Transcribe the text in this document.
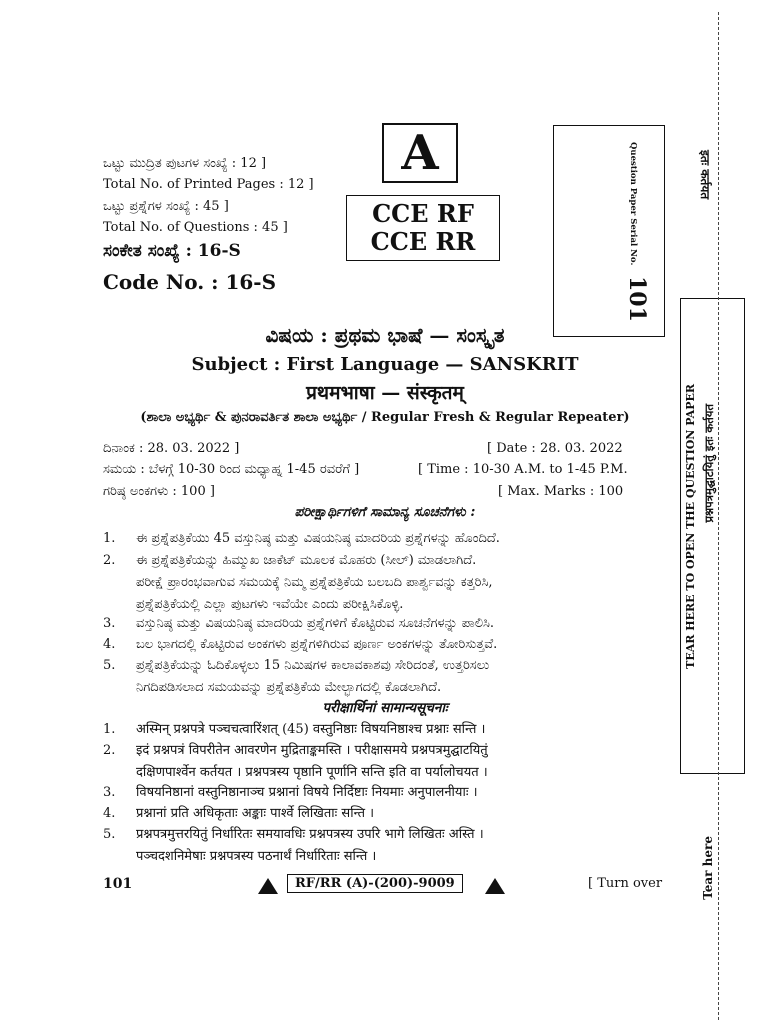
ಒಟ್ಟು ಮುದ್ರಿತ ಪುಟಗಳ ಸಂಖ್ಯೆ : 12 ]
Total No. of Printed Pages : 12 ]
ಒಟ್ಟು ಪ್ರಶ್ನೆಗಳ ಸಂಖ್ಯೆ : 45 ]
Total No. of Questions : 45 ]
ಸಂಕೇತ ಸಂಖ್ಯೆ : 16-S
Code No. : 16-S
A
CCE RF
CCE RR	Question Paper Serial No.
101
इतः कर्तयत
TEAR HERE TO OPEN THE QUESTION PAPER प्रश्नपत्रमुद्घाटयितुं इतः कर्तयत
Tear here
ವಿಷಯ : ಪ್ರಥಮ ಭಾಷೆ — ಸಂಸ್ಕೃತ
Subject : First Language — SANSKRIT
प्रथमभाषा — संस्कृतम्
(ಶಾಲಾ ಅಭ್ಯರ್ಥಿ & ಪುನರಾವರ್ತಿತ ಶಾಲಾ ಅಭ್ಯರ್ಥಿ / Regular Fresh & Regular Repeater)
ದಿನಾಂಕ : 28. 03. 2022 ]	[ Date : 28. 03. 2022
ಸಮಯ : ಬೆಳಗ್ಗೆ 10-30 ರಿಂದ ಮಧ್ಯಾಹ್ನ 1-45 ರವರೆಗೆ ]	[ Time : 10-30 A.M. to 1-45 P.M.
ಗರಿಷ್ಠ ಅಂಕಗಳು : 100 ]	[ Max. Marks : 100
ಪರೀಕ್ಷಾರ್ಥಿಗಳಿಗೆ ಸಾಮಾನ್ಯ ಸೂಚನೆಗಳು :
1. ಈ ಪ್ರಶ್ನೆಪತ್ರಿಕೆಯು 45 ವಸ್ತುನಿಷ್ಠ ಮತ್ತು ವಿಷಯನಿಷ್ಠ ಮಾದರಿಯ ಪ್ರಶ್ನೆಗಳನ್ನು ಹೊಂದಿದೆ.
2. ಈ ಪ್ರಶ್ನೆಪತ್ರಿಕೆಯನ್ನು ಹಿಮ್ಮುಖ ಜಾಕೆಟ್ ಮೂಲಕ ಮೊಹರು (ಸೀಲ್) ಮಾಡಲಾಗಿದೆ.
ಪರೀಕ್ಷೆ ಪ್ರಾರಂಭವಾಗುವ ಸಮಯಕ್ಕೆ ನಿಮ್ಮ ಪ್ರಶ್ನೆಪತ್ರಿಕೆಯ ಬಲಬದಿ ಪಾರ್ಶ್ವವನ್ನು ಕತ್ತರಿಸಿ,
ಪ್ರಶ್ನೆಪತ್ರಿಕೆಯಲ್ಲಿ ಎಲ್ಲಾ ಪುಟಗಳು ಇವೆಯೇ ಎಂದು ಪರೀಕ್ಷಿಸಿಕೊಳ್ಳಿ.
3. ವಸ್ತುನಿಷ್ಠ ಮತ್ತು ವಿಷಯನಿಷ್ಠ ಮಾದರಿಯ ಪ್ರಶ್ನೆಗಳಿಗೆ ಕೊಟ್ಟಿರುವ ಸೂಚನೆಗಳನ್ನು ಪಾಲಿಸಿ.
4. ಬಲ ಭಾಗದಲ್ಲಿ ಕೊಟ್ಟಿರುವ ಅಂಕಗಳು ಪ್ರಶ್ನೆಗಳಿಗಿರುವ ಪೂರ್ಣ ಅಂಕಗಳನ್ನು ತೋರಿಸುತ್ತವೆ.
5. ಪ್ರಶ್ನೆಪತ್ರಿಕೆಯನ್ನು ಓದಿಕೊಳ್ಳಲು 15 ನಿಮಿಷಗಳ ಕಾಲಾವಕಾಶವು ಸೇರಿದಂತೆ, ಉತ್ತರಿಸಲು
ನಿಗದಿಪಡಿಸಲಾದ ಸಮಯವನ್ನು ಪ್ರಶ್ನೆಪತ್ರಿಕೆಯ ಮೇಲ್ಭಾಗದಲ್ಲಿ ಕೊಡಲಾಗಿದೆ.
परीक्षार्थिनां सामान्यसूचनाः
1. अस्मिन् प्रश्नपत्रे पञ्चचत्वारिंशत् (45) वस्तुनिष्ठाः विषयनिष्ठाश्च प्रश्नाः सन्ति ।
2. इदं प्रश्नपत्रं विपरीतेन आवरणेन मुद्रिताङ्कमस्ति । परीक्षासमये प्रश्नपत्रमुद्घाटयितुं
दक्षिणपार्श्वेन कर्तयत । प्रश्नपत्रस्य पृष्ठानि पूर्णानि सन्ति इति वा पर्यालोचयत ।
3. विषयनिष्ठानां वस्तुनिष्ठानाञ्च प्रश्नानां विषये निर्दिष्टाः नियमाः अनुपालनीयाः ।
4. प्रश्नानां प्रति अधिकृताः अङ्काः पार्श्वे लिखिताः सन्ति ।
5. प्रश्नपत्रमुत्तरयितुं निर्धारितः समयावधिः प्रश्नपत्रस्य उपरि भागे लिखितः अस्ति ।
पञ्चदशनिमेषाः प्रश्नपत्रस्य पठनार्थं निर्धारिताः सन्ति ।
101	RF/RR (A)-(200)-9009	[ Turn over
